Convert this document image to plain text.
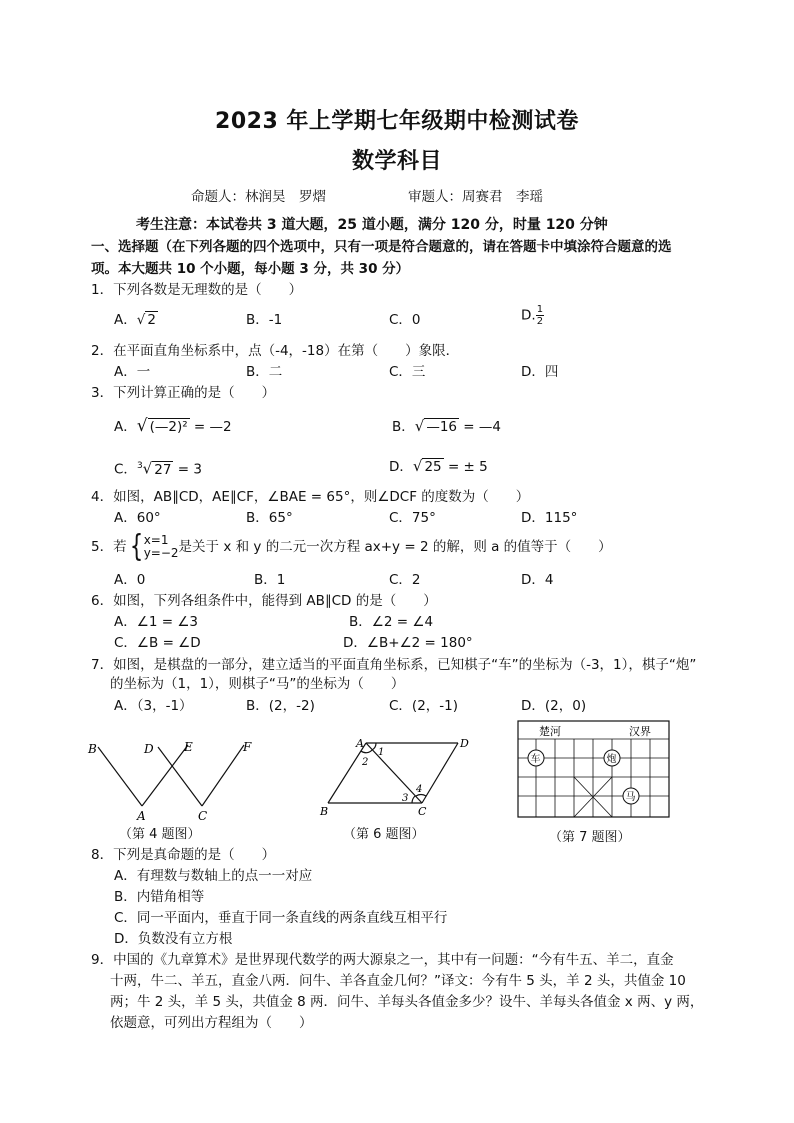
2023 年上学期七年级期中检测试卷
数学科目
命题人：林润昊　罗熠	审题人：周赛君　李瑶
考生注意：本试卷共 3 道大题，25 道小题，满分 120 分，时量 120 分钟
一、选择题（在下列各题的四个选项中，只有一项是符合题意的，请在答题卡中填涂符合题意的选
项。本大题共 10 个小题，每小题 3 分，共 30 分）
1．下列各数是无理数的是（　　）
A．√ 2	B．-1	C．0	D. $\frac{1}{2}$
2．在平面直角坐标系中，点（-4，-18）在第（　　）象限．
A．一	B．二	C．三	D．四
3．下列计算正确的是（　　）
A．√ (—2)² = —2	B．√ —16 = —4
C．$^3$√ 27 = 3	D．√ 25 = ± 5
4．如图，AB∥CD，AE∥CF，∠BAE = 65°，则∠DCF 的度数为（　　）
A．60°	B．65°	C．75°	D．115°
5．若{ x=1
y=−2 是关于 x 和 y 的二元一次方程 ax+y = 2 的解，则 a 的值等于（　　）
A．0	B．1	C．2	D．4
6．如图，下列各组条件中，能得到 AB∥CD 的是（　　）
A．∠1 = ∠3	B．∠2 = ∠4
C．∠B = ∠D	D．∠B+∠2 = 180°
7．如图，是棋盘的一部分，建立适当的平面直角坐标系，已知棋子“车”的坐标为（-3，1），棋子“炮”
的坐标为（1，1），则棋子“马”的坐标为（　　）
A．（3，-1）	B．(2，-2)	C．(2，-1)	D．(2，0)
B	D	E	F
A	C
（第 4 题图）
A	D
B	C
1
2
3
4
（第 6 题图）
楚河	汉界
车	炮
马
（第 7 题图）
8．下列是真命题的是（　　）
A．有理数与数轴上的点一一对应
B．内错角相等
C．同一平面内，垂直于同一条直线的两条直线互相平行
D．负数没有立方根
9．中国的《九章算术》是世界现代数学的两大源泉之一，其中有一问题：“今有牛五、羊二，直金
十两，牛二、羊五，直金八两．问牛、羊各直金几何？”译文：今有牛 5 头，羊 2 头，共值金 10
两；牛 2 头，羊 5 头，共值金 8 两．问牛、羊每头各值金多少？设牛、羊每头各值金 x 两、y 两，
依题意，可列出方程组为（　　）
